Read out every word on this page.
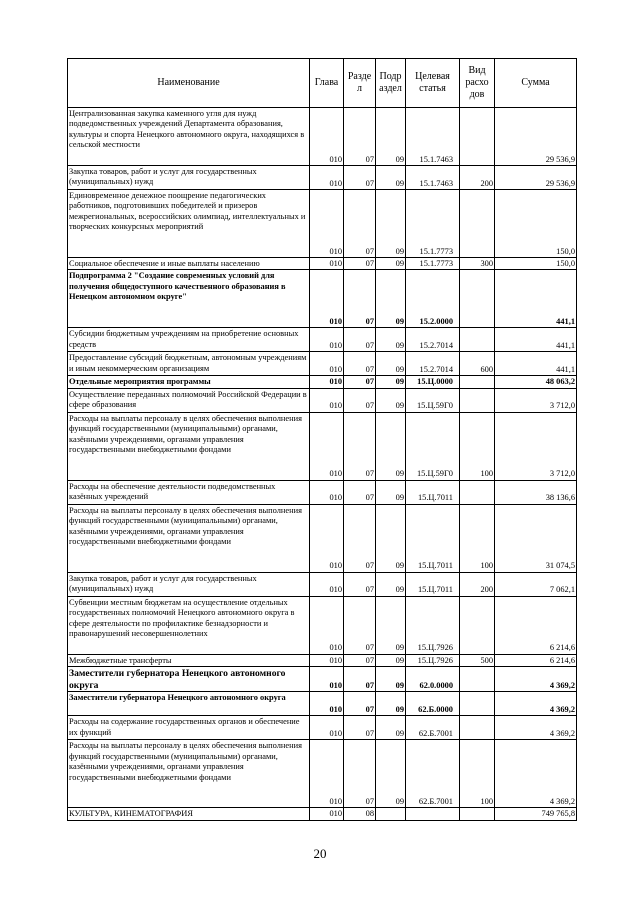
Наименование	Глава	Разде л	Подр аздел	Целевая статья	Вид расхо дов	Сумма
Централизованная закупка каменного угля для нужд подведомственных учреждений Департамента образования, культуры и спорта Ненецкого автономного округа, находящихся в сельской местности	010	07	09	15.1.7463		29 536,9
Закупка товаров, работ и услуг для государственных (муниципальных) нужд	010	07	09	15.1.7463	200	29 536,9
Единовременное денежное поощрение педагогических работников, подготовивших победителей и призеров межрегиональных, всероссийских олимпиад, интеллектуальных и творческих конкурсных мероприятий	010	07	09	15.1.7773		150,0
Социальное обеспечение и иные выплаты населению	010	07	09	15.1.7773	300	150,0
Подпрограмма 2 "Создание современных условий для получения общедоступного качественного образования в Ненецком автономном округе"	010	07	09	15.2.0000		441,1
Субсидии бюджетным учреждениям на приобретение основных средств	010	07	09	15.2.7014		441,1
Предоставление субсидий бюджетным, автономным учреждениям и иным некоммерческим организациям	010	07	09	15.2.7014	600	441,1
Отдельные мероприятия программы	010	07	09	15.Ц.0000		48 063,2
Осуществление переданных полномочий Российской Федерации в сфере образования	010	07	09	15.Ц.59Г0		3 712,0
Расходы на выплаты персоналу в целях обеспечения выполнения функций государственными (муниципальными) органами, казёнными учреждениями, органами управления государственными внебюджетными фондами	010	07	09	15.Ц.59Г0	100	3 712,0
Расходы на обеспечение деятельности подведомственных казённых учреждений	010	07	09	15.Ц.7011		38 136,6
Расходы на выплаты персоналу в целях обеспечения выполнения функций государственными (муниципальными) органами, казёнными учреждениями, органами управления государственными внебюджетными фондами	010	07	09	15.Ц.7011	100	31 074,5
Закупка товаров, работ и услуг для государственных (муниципальных) нужд	010	07	09	15.Ц.7011	200	7 062,1
Субвенции местным бюджетам на осуществление отдельных государственных полномочий Ненецкого автономного округа в сфере деятельности по профилактике безнадзорности и правонарушений несовершеннолетних	010	07	09	15.Ц.7926		6 214,6
Межбюджетные трансферты	010	07	09	15.Ц.7926	500	6 214,6
Заместители губернатора Ненецкого автономного округа	010	07	09	62.0.0000		4 369,2
Заместители губернатора Ненецкого автономного округа	010	07	09	62.Б.0000		4 369,2
Расходы на содержание государственных органов и обеспечение их функций	010	07	09	62.Б.7001		4 369,2
Расходы на выплаты персоналу в целях обеспечения выполнения функций государственными (муниципальными) органами, казёнными учреждениями, органами управления государственными внебюджетными фондами	010	07	09	62.Б.7001	100	4 369,2
КУЛЬТУРА, КИНЕМАТОГРАФИЯ	010	08				749 765,8
20
